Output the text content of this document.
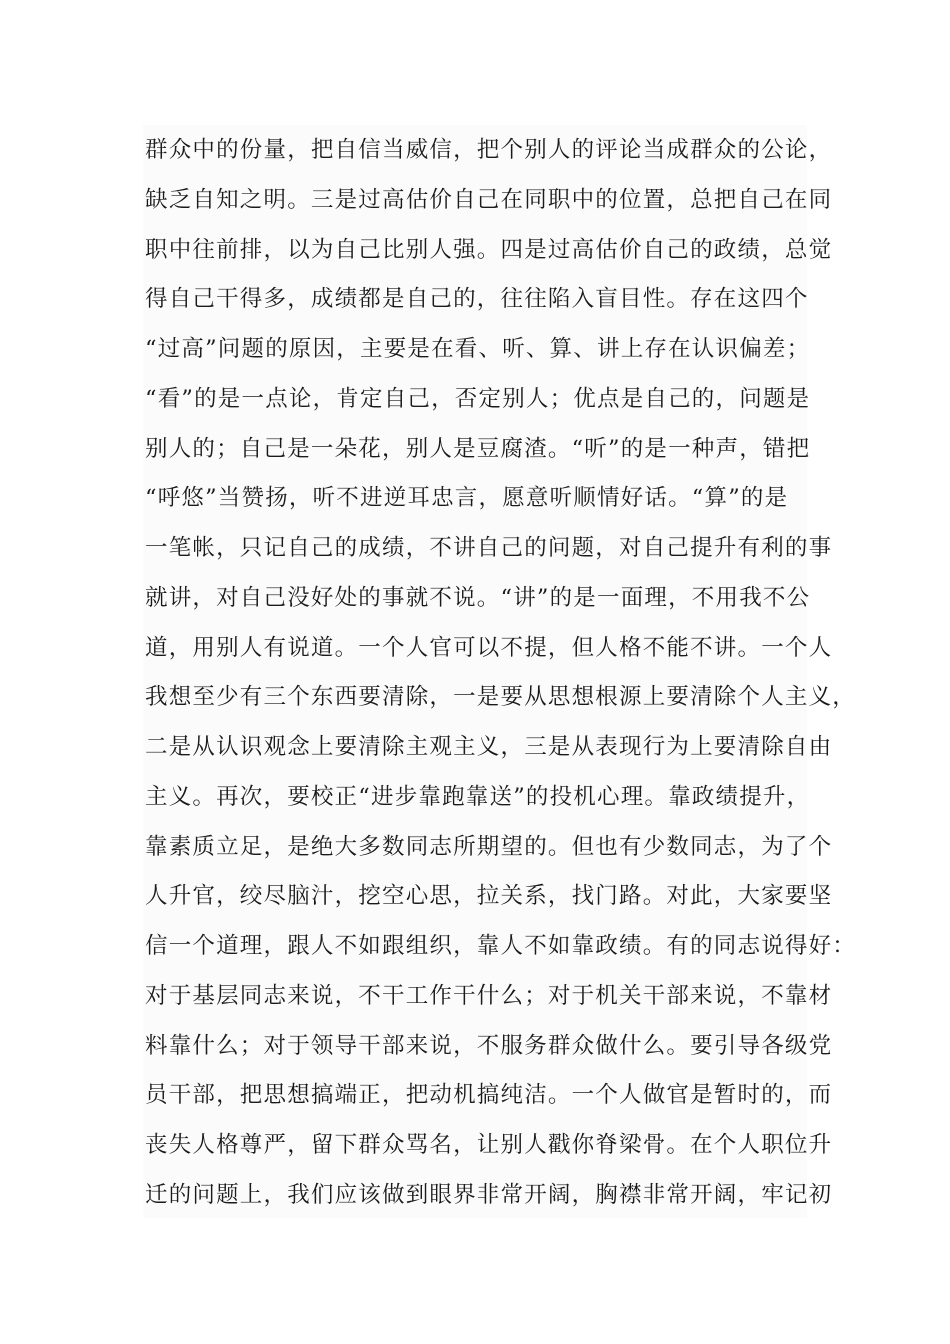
群众中的份量，把自信当威信，把个别人的评论当成群众的公论，
缺乏自知之明。三是过高估价自己在同职中的位置，总把自己在同
职中往前排，以为自己比别人强。四是过高估价自己的政绩，总觉
得自己干得多，成绩都是自己的，往往陷入盲目性。存在这四个
“过高”问题的原因，主要是在看、听、算、讲上存在认识偏差；
“看”的是一点论，肯定自己，否定别人；优点是自己的，问题是
别人的；自己是一朵花，别人是豆腐渣。“听”的是一种声，错把
“呼悠”当赞扬，听不进逆耳忠言，愿意听顺情好话。“算”的是
一笔帐，只记自己的成绩，不讲自己的问题，对自己提升有利的事
就讲，对自己没好处的事就不说。“讲”的是一面理，不用我不公
道，用别人有说道。一个人官可以不提，但人格不能不讲。一个人
我想至少有三个东西要清除，一是要从思想根源上要清除个人主义，
二是从认识观念上要清除主观主义，三是从表现行为上要清除自由
主义。再次，要校正“进步靠跑靠送”的投机心理。靠政绩提升，
靠素质立足，是绝大多数同志所期望的。但也有少数同志，为了个
人升官，绞尽脑汁，挖空心思，拉关系，找门路。对此，大家要坚
信一个道理，跟人不如跟组织，靠人不如靠政绩。有的同志说得好：
对于基层同志来说，不干工作干什么；对于机关干部来说，不靠材
料靠什么；对于领导干部来说，不服务群众做什么。要引导各级党
员干部，把思想搞端正，把动机搞纯洁。一个人做官是暂时的，而
丧失人格尊严，留下群众骂名，让别人戳你脊梁骨。在个人职位升
迁的问题上，我们应该做到眼界非常开阔，胸襟非常开阔，牢记初
